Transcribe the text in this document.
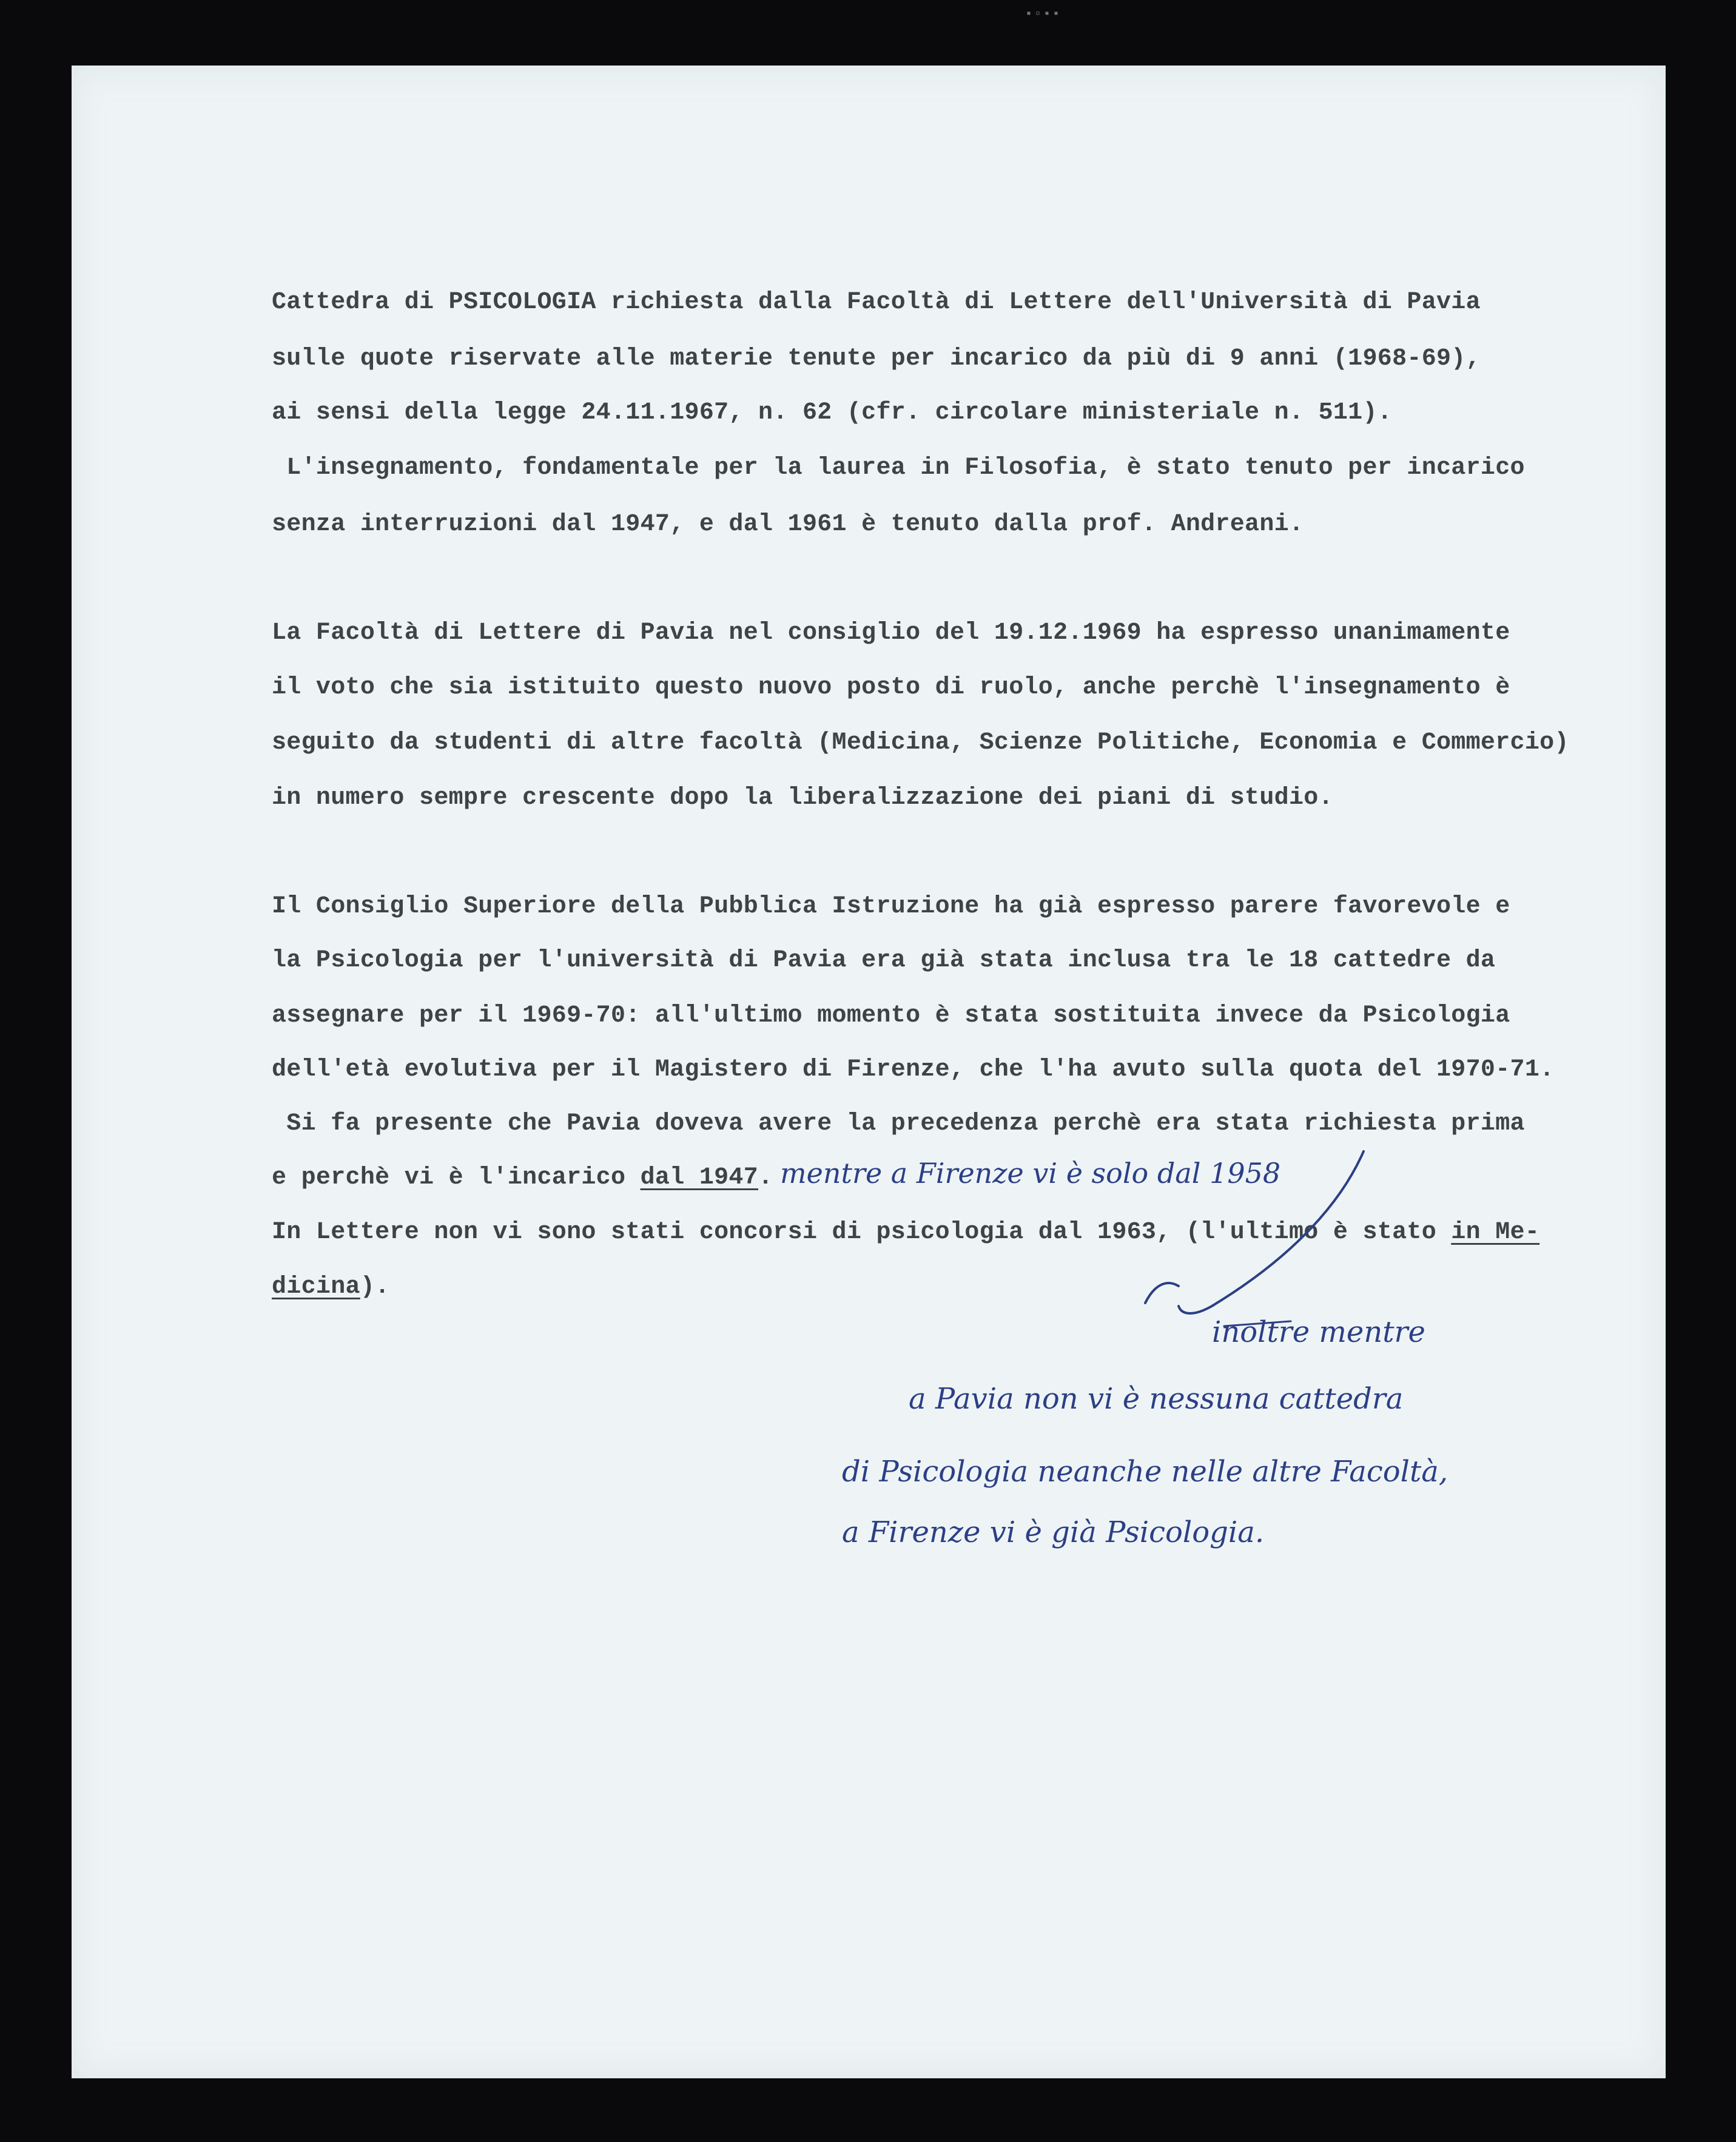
▪▫▪▪

Cattedra di PSICOLOGIA richiesta dalla Facoltà di Lettere dell'Università di Pavia

sulle quote riservate alle materie tenute per incarico da più di 9 anni (1968-69),

ai sensi della legge 24.11.1967, n. 62 (cfr. circolare ministeriale n. 511).

L'insegnamento, fondamentale per la laurea in Filosofia, è stato tenuto per incarico

senza interruzioni dal 1947, e dal 1961 è tenuto dalla prof. Andreani.

La Facoltà di Lettere di Pavia nel consiglio del 19.12.1969 ha espresso unanimamente

il voto che sia istituito questo nuovo posto di ruolo, anche perchè l'insegnamento è

seguito da studenti di altre facoltà (Medicina, Scienze Politiche, Economia e Commercio)

in numero sempre crescente dopo la liberalizzazione dei piani di studio.

Il Consiglio Superiore della Pubblica Istruzione ha già espresso parere favorevole e

la Psicologia per l'università di Pavia era già stata inclusa tra le 18 cattedre da

assegnare per il 1969-70: all'ultimo momento è stata sostituita invece da Psicologia

dell'età evolutiva per il Magistero di Firenze, che l'ha avuto sulla quota del 1970-71.

Si fa presente che Pavia doveva avere la precedenza perchè era stata richiesta prima

e perchè vi è l'incarico dal 1947.

In Lettere non vi sono stati concorsi di psicologia dal 1963, (l'ultimo è stato in Me-

dicina).

mentre a Firenze vi è solo dal 1958

inoltre mentre

a Pavia non vi è nessuna cattedra

di Psicologia neanche nelle altre Facoltà,

a Firenze vi è già Psicologia.
